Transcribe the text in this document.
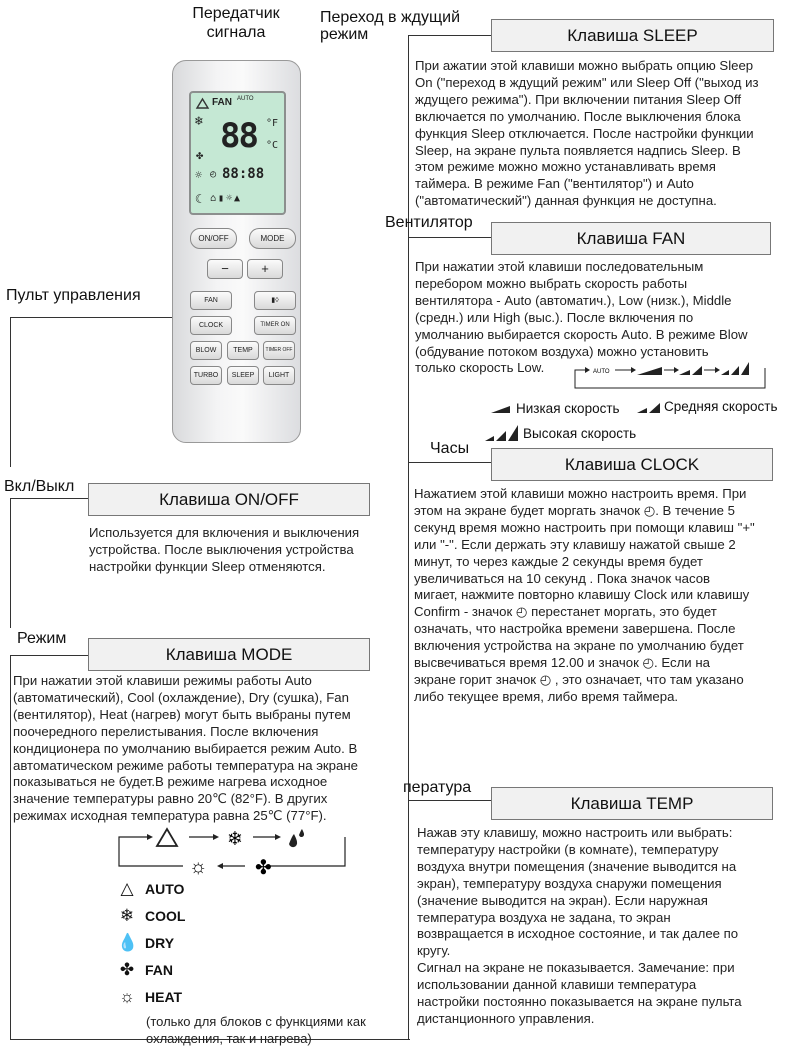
Передатчик
сигнала
Переход в ждущий
режим
FAN AUTO
❄
✤
☼
88 °F
°C
◴ 88:88
☾ ⌂▮☼▲
ON/OFF	MODE
−	+
FAN	▮◊
CLOCK	TIMER ON
BLOW	TEMP	TIMER OFF
TURBO	SLEEP	LIGHT
Пульт управления
Вкл/Выкл
Режим
Клавиша SLEEP

При ажатии этой клавиши можно выбрать опцию Sleep
On ("переход в ждущий режим" или Sleep Off ("выход из
ждущего режима"). При включении питания Sleep Off
включается по умолчанию. После выключения блока
функция Sleep отключается. После настройки функции
Sleep, на экране пульта появляется надпись Sleep. В
этом режиме можно можно устанавливать время
таймера. В режиме Fan ("вентилятор") и Auto
("автоматический") данная функция не доступна.

Вентилятор
Клавиша FAN

При нажатии этой клавиши последовательным
перебором можно выбрать скорость работы
вентилятора - Auto (автоматич.), Low (низк.), Middle
(средн.) или High (выс.). После включения по
умолчанию выбирается скорость Auto. В режиме Blow
(обдувание потоком воздуха) можно установить
только скорость Low.	AUTO
Низкая скорость	Средняя скорость
Высокая скорость
Часы
Клавиша CLOCK

Нажатием этой клавиши можно настроить время. При
этом на экране будет моргать значок ◴. В течение 5
секунд время можно настроить при помощи клавиш "+"
или "-". Если держать эту клавишу нажатой свыше 2
минут, то через каждые 2 секунды время будет
увеличиваться на 10 секунд . Пока значок часов
мигает, нажмите повторно клавишу Clock или клавишу
Confirm - значок ◴ перестанет моргать, это будет
означать, что настройка времени завершена. После
включения устройства на экране по умолчанию будет
высвечиваться время 12.00 и значок ◴. Если на
экране горит значок ◴ , это означает, что там указано
либо текущее время, либо время таймера.

Клавиша ON/OFF

Используется для включения и выключения
устройства. После выключения устройства
настройки функции Sleep отменяются.

Клавиша MODE

При нажатии этой клавиши режимы работы Auto
(автоматический), Cool (охлаждение), Dry (сушка), Fan
(вентилятор), Heat (нагрев) могут быть выбраны путем
поочередного перелистывания. После включения
кондиционера по умолчанию выбирается режим Auto. В
автоматическом режиме работы температура на экране
показываться не будет.В режиме нагрева исходное
значение температуры равно 20℃ (82°F). В других
режимах исходная температура равна 25℃ (77°F).

❄
✤
☼
△ AUTO
❄ COOL
💧 DRY
✤ FAN
☼ HEAT

(только для блоков с функциями как
охлаждения, так и нагрева)

пература
Клавиша TEMP

Нажав эту клавишу, можно настроить или выбрать:
температуру настройки (в комнате), температуру
воздуха внутри помещения (значение выводится на
экран), температуру воздуха снаружи помещения
(значение выводится на экран). Если наружная
температура воздуха не задана, то экран
возвращается в исходное состояние, и так далее по
кругу.
Сигнал на экране не показывается. Замечание: при
использовании данной клавиши температура
настройки постоянно показывается на экране пульта
дистанционного управления.
